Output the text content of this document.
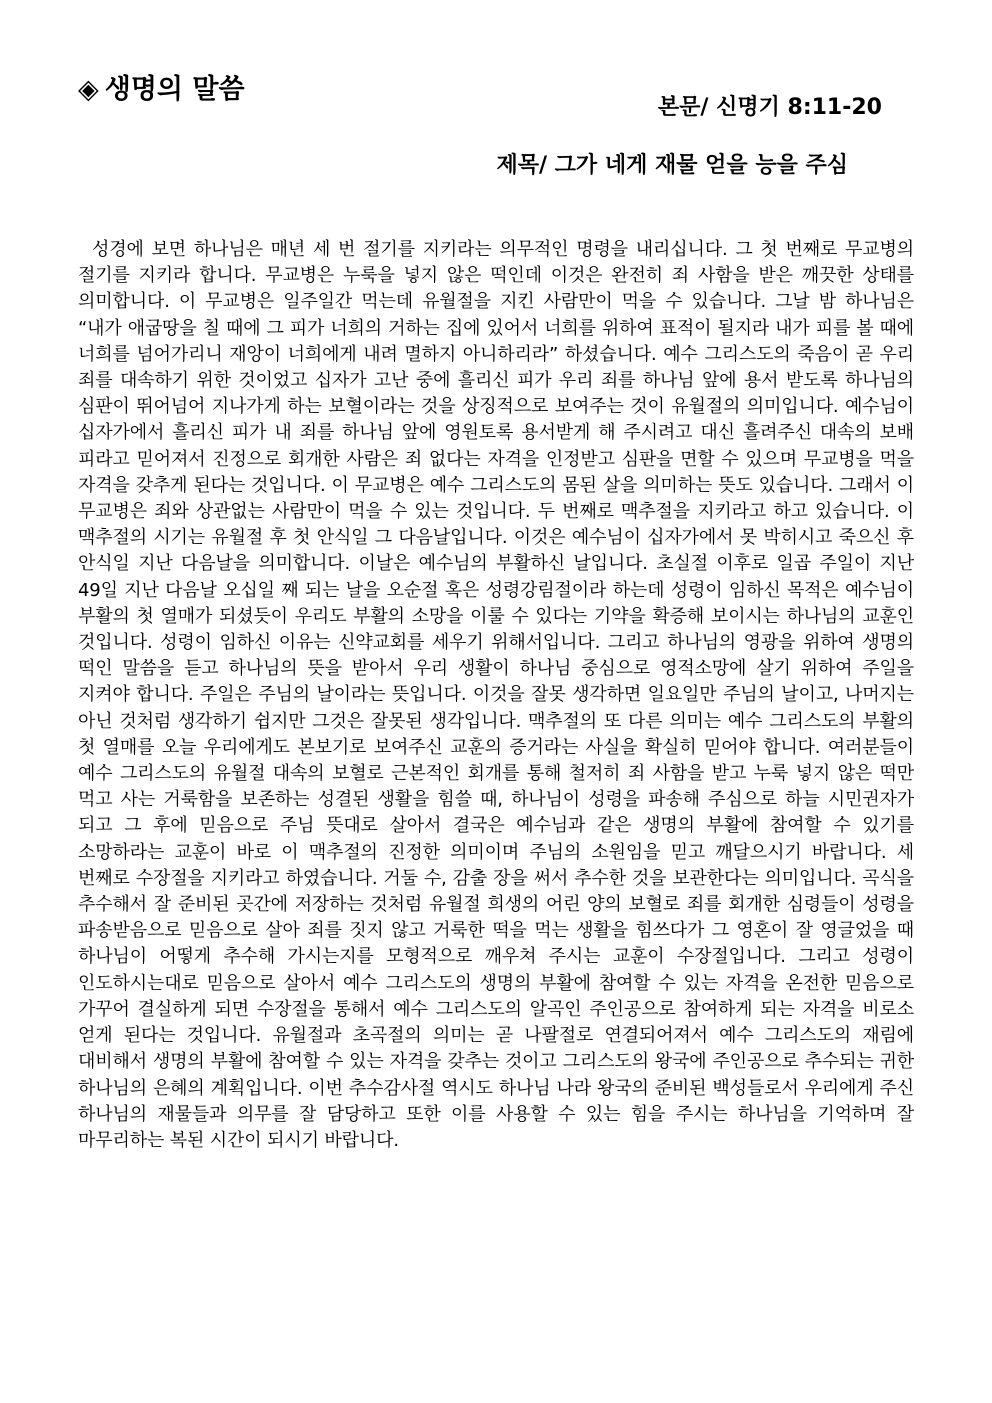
◈ 생명의 말씀
본문/ 신명기 8:11-20
제목/ 그가 네게 재물 얻을 능을 주심

성경에 보면 하나님은 매년 세 번 절기를 지키라는 의무적인 명령을 내리십니다. 그 첫 번째로 무교병의 절기를 지키라 합니다. 무교병은 누룩을 넣지 않은 떡인데 이것은 완전히 죄 사함을 받은 깨끗한 상태를 의미합니다. 이 무교병은 일주일간 먹는데 유월절을 지킨 사람만이 먹을 수 있습니다. 그날 밤 하나님은 “내가 애굽땅을 칠 때에 그 피가 너희의 거하는 집에 있어서 너희를 위하여 표적이 될지라 내가 피를 볼 때에 너희를 넘어가리니 재앙이 너희에게 내려 멸하지 아니하리라” 하셨습니다. 예수 그리스도의 죽음이 곧 우리 죄를 대속하기 위한 것이었고 십자가 고난 중에 흘리신 피가 우리 죄를 하나님 앞에 용서 받도록 하나님의 심판이 뛰어넘어 지나가게 하는 보혈이라는 것을 상징적으로 보여주는 것이 유월절의 의미입니다. 예수님이 십자가에서 흘리신 피가 내 죄를 하나님 앞에 영원토록 용서받게 해 주시려고 대신 흘려주신 대속의 보배 피라고 믿어져서 진정으로 회개한 사람은 죄 없다는 자격을 인정받고 심판을 면할 수 있으며 무교병을 먹을 자격을 갖추게 된다는 것입니다. 이 무교병은 예수 그리스도의 몸된 살을 의미하는 뜻도 있습니다. 그래서 이 무교병은 죄와 상관없는 사람만이 먹을 수 있는 것입니다. 두 번째로 맥추절을 지키라고 하고 있습니다. 이 맥추절의 시기는 유월절 후 첫 안식일 그 다음날입니다. 이것은 예수님이 십자가에서 못 박히시고 죽으신 후 안식일 지난 다음날을 의미합니다. 이날은 예수님의 부활하신 날입니다. 초실절 이후로 일곱 주일이 지난 49일 지난 다음날 오십일 째 되는 날을 오순절 혹은 성령강림절이라 하는데 성령이 임하신 목적은 예수님이 부활의 첫 열매가 되셨듯이 우리도 부활의 소망을 이룰 수 있다는 기약을 확증해 보이시는 하나님의 교훈인 것입니다. 성령이 임하신 이유는 신약교회를 세우기 위해서입니다. 그리고 하나님의 영광을 위하여 생명의 떡인 말씀을 듣고 하나님의 뜻을 받아서 우리 생활이 하나님 중심으로 영적소망에 살기 위하여 주일을 지켜야 합니다. 주일은 주님의 날이라는 뜻입니다. 이것을 잘못 생각하면 일요일만 주님의 날이고, 나머지는 아닌 것처럼 생각하기 쉽지만 그것은 잘못된 생각입니다. 맥추절의 또 다른 의미는 예수 그리스도의 부활의 첫 열매를 오늘 우리에게도 본보기로 보여주신 교훈의 증거라는 사실을 확실히 믿어야 합니다. 여러분들이 예수 그리스도의 유월절 대속의 보혈로 근본적인 회개를 통해 철저히 죄 사함을 받고 누룩 넣지 않은 떡만 먹고 사는 거룩함을 보존하는 성결된 생활을 힘쓸 때, 하나님이 성령을 파송해 주심으로 하늘 시민권자가 되고 그 후에 믿음으로 주님 뜻대로 살아서 결국은 예수님과 같은 생명의 부활에 참여할 수 있기를 소망하라는 교훈이 바로 이 맥추절의 진정한 의미이며 주님의 소원임을 믿고 깨달으시기 바랍니다. 세 번째로 수장절을 지키라고 하였습니다. 거둘 수, 감출 장을 써서 추수한 것을 보관한다는 의미입니다. 곡식을 추수해서 잘 준비된 곳간에 저장하는 것처럼 유월절 희생의 어린 양의 보혈로 죄를 회개한 심령들이 성령을 파송받음으로 믿음으로 살아 죄를 짓지 않고 거룩한 떡을 먹는 생활을 힘쓰다가 그 영혼이 잘 영글었을 때 하나님이 어떻게 추수해 가시는지를 모형적으로 깨우쳐 주시는 교훈이 수장절입니다. 그리고 성령이 인도하시는대로 믿음으로 살아서 예수 그리스도의 생명의 부활에 참여할 수 있는 자격을 온전한 믿음으로 가꾸어 결실하게 되면 수장절을 통해서 예수 그리스도의 알곡인 주인공으로 참여하게 되는 자격을 비로소 얻게 된다는 것입니다. 유월절과 초곡절의 의미는 곧 나팔절로 연결되어져서 예수 그리스도의 재림에 대비해서 생명의 부활에 참여할 수 있는 자격을 갖추는 것이고 그리스도의 왕국에 주인공으로 추수되는 귀한 하나님의 은혜의 계획입니다. 이번 추수감사절 역시도 하나님 나라 왕국의 준비된 백성들로서 우리에게 주신 하나님의 재물들과 의무를 잘 담당하고 또한 이를 사용할 수 있는 힘을 주시는 하나님을 기억하며 잘 마무리하는 복된 시간이 되시기 바랍니다.
